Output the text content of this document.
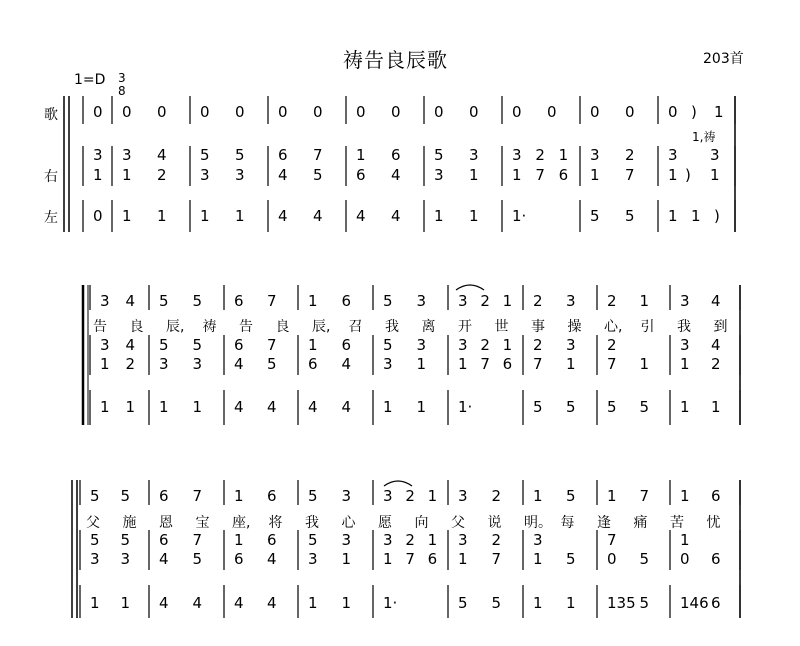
0 0 0 0 0 0 0 0 0 0 0 0 0 0 0 0 ) 1
3 3 4 5 5 6 7 1 6 5 3 3 2 1 3 2 3 3
1 1 2 3 3 4 5 6 4 3 1 1 7 6 1 7 1 ) 1
0 1 1 1 1 4 4 4 4 1 1 1·	5 5 1 1 )
3 4 5 5 6 7 1 6 5 3 3 2 1 2 3 2 1 3 4
告 良 辰, 祷 告 良 辰, 召 我 离 开 世 事 操 心, 引 我 到
3 4 5 5 6 7 1 6 5 3 3 2 1 2 3 2	3 4
1 2 3 3 4 5 6 4 3 1 1 7 6 7 1 7 1 1 2
1 1 1 1 4 4 4 4 1 1 1·	5 5 5 5 1 1
5 5 6 7 1 6 5 3 3 2 1 3 2 1 5 1 7 1 6
父 施 恩 宝 座, 将 我 心 愿 向 父 说 明。 每 逢 痛 苦 忧
5 5 6 7 1 6 5 3 3 2 1 3 2 3	7	1
3 3 4 5 6 4 3 1 1 7 6 1 7 1 5 0 5 0 6
1 1 4 4 4 4 1 1 1·	5 5 1 1 135 5 146 6
祷告良辰歌	203首
1=D 3
8
歌
右
左
1,祷
